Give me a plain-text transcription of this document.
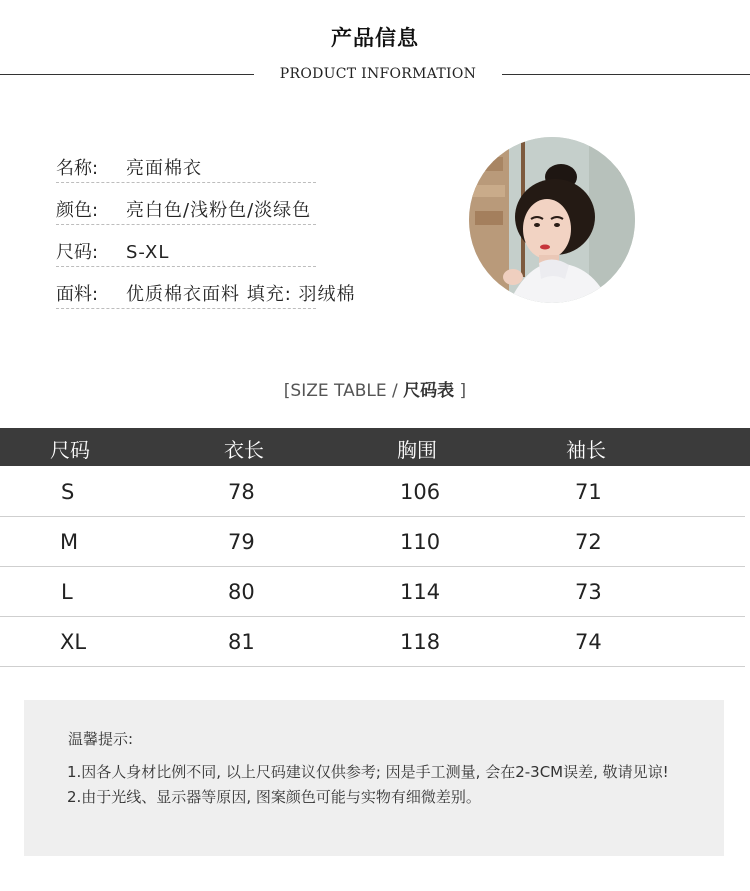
产品信息
PRODUCT INFORMATION
名称: 亮面棉衣
颜色: 亮白色/浅粉色/淡绿色
尺码: S-XL
面料: 优质棉衣面料 填充: 羽绒棉
[SIZE TABLE / 尺码表 ]
尺码	衣长	胸围	袖长
S	78	106	71
M	79	110	72
L	80	114	73
XL	81	118	74
温馨提示:
1.因各人身材比例不同, 以上尺码建议仅供参考; 因是手工测量, 会在2-3CM误差, 敬请见谅!
2.由于光线、显示器等原因, 图案颜色可能与实物有细微差别。
